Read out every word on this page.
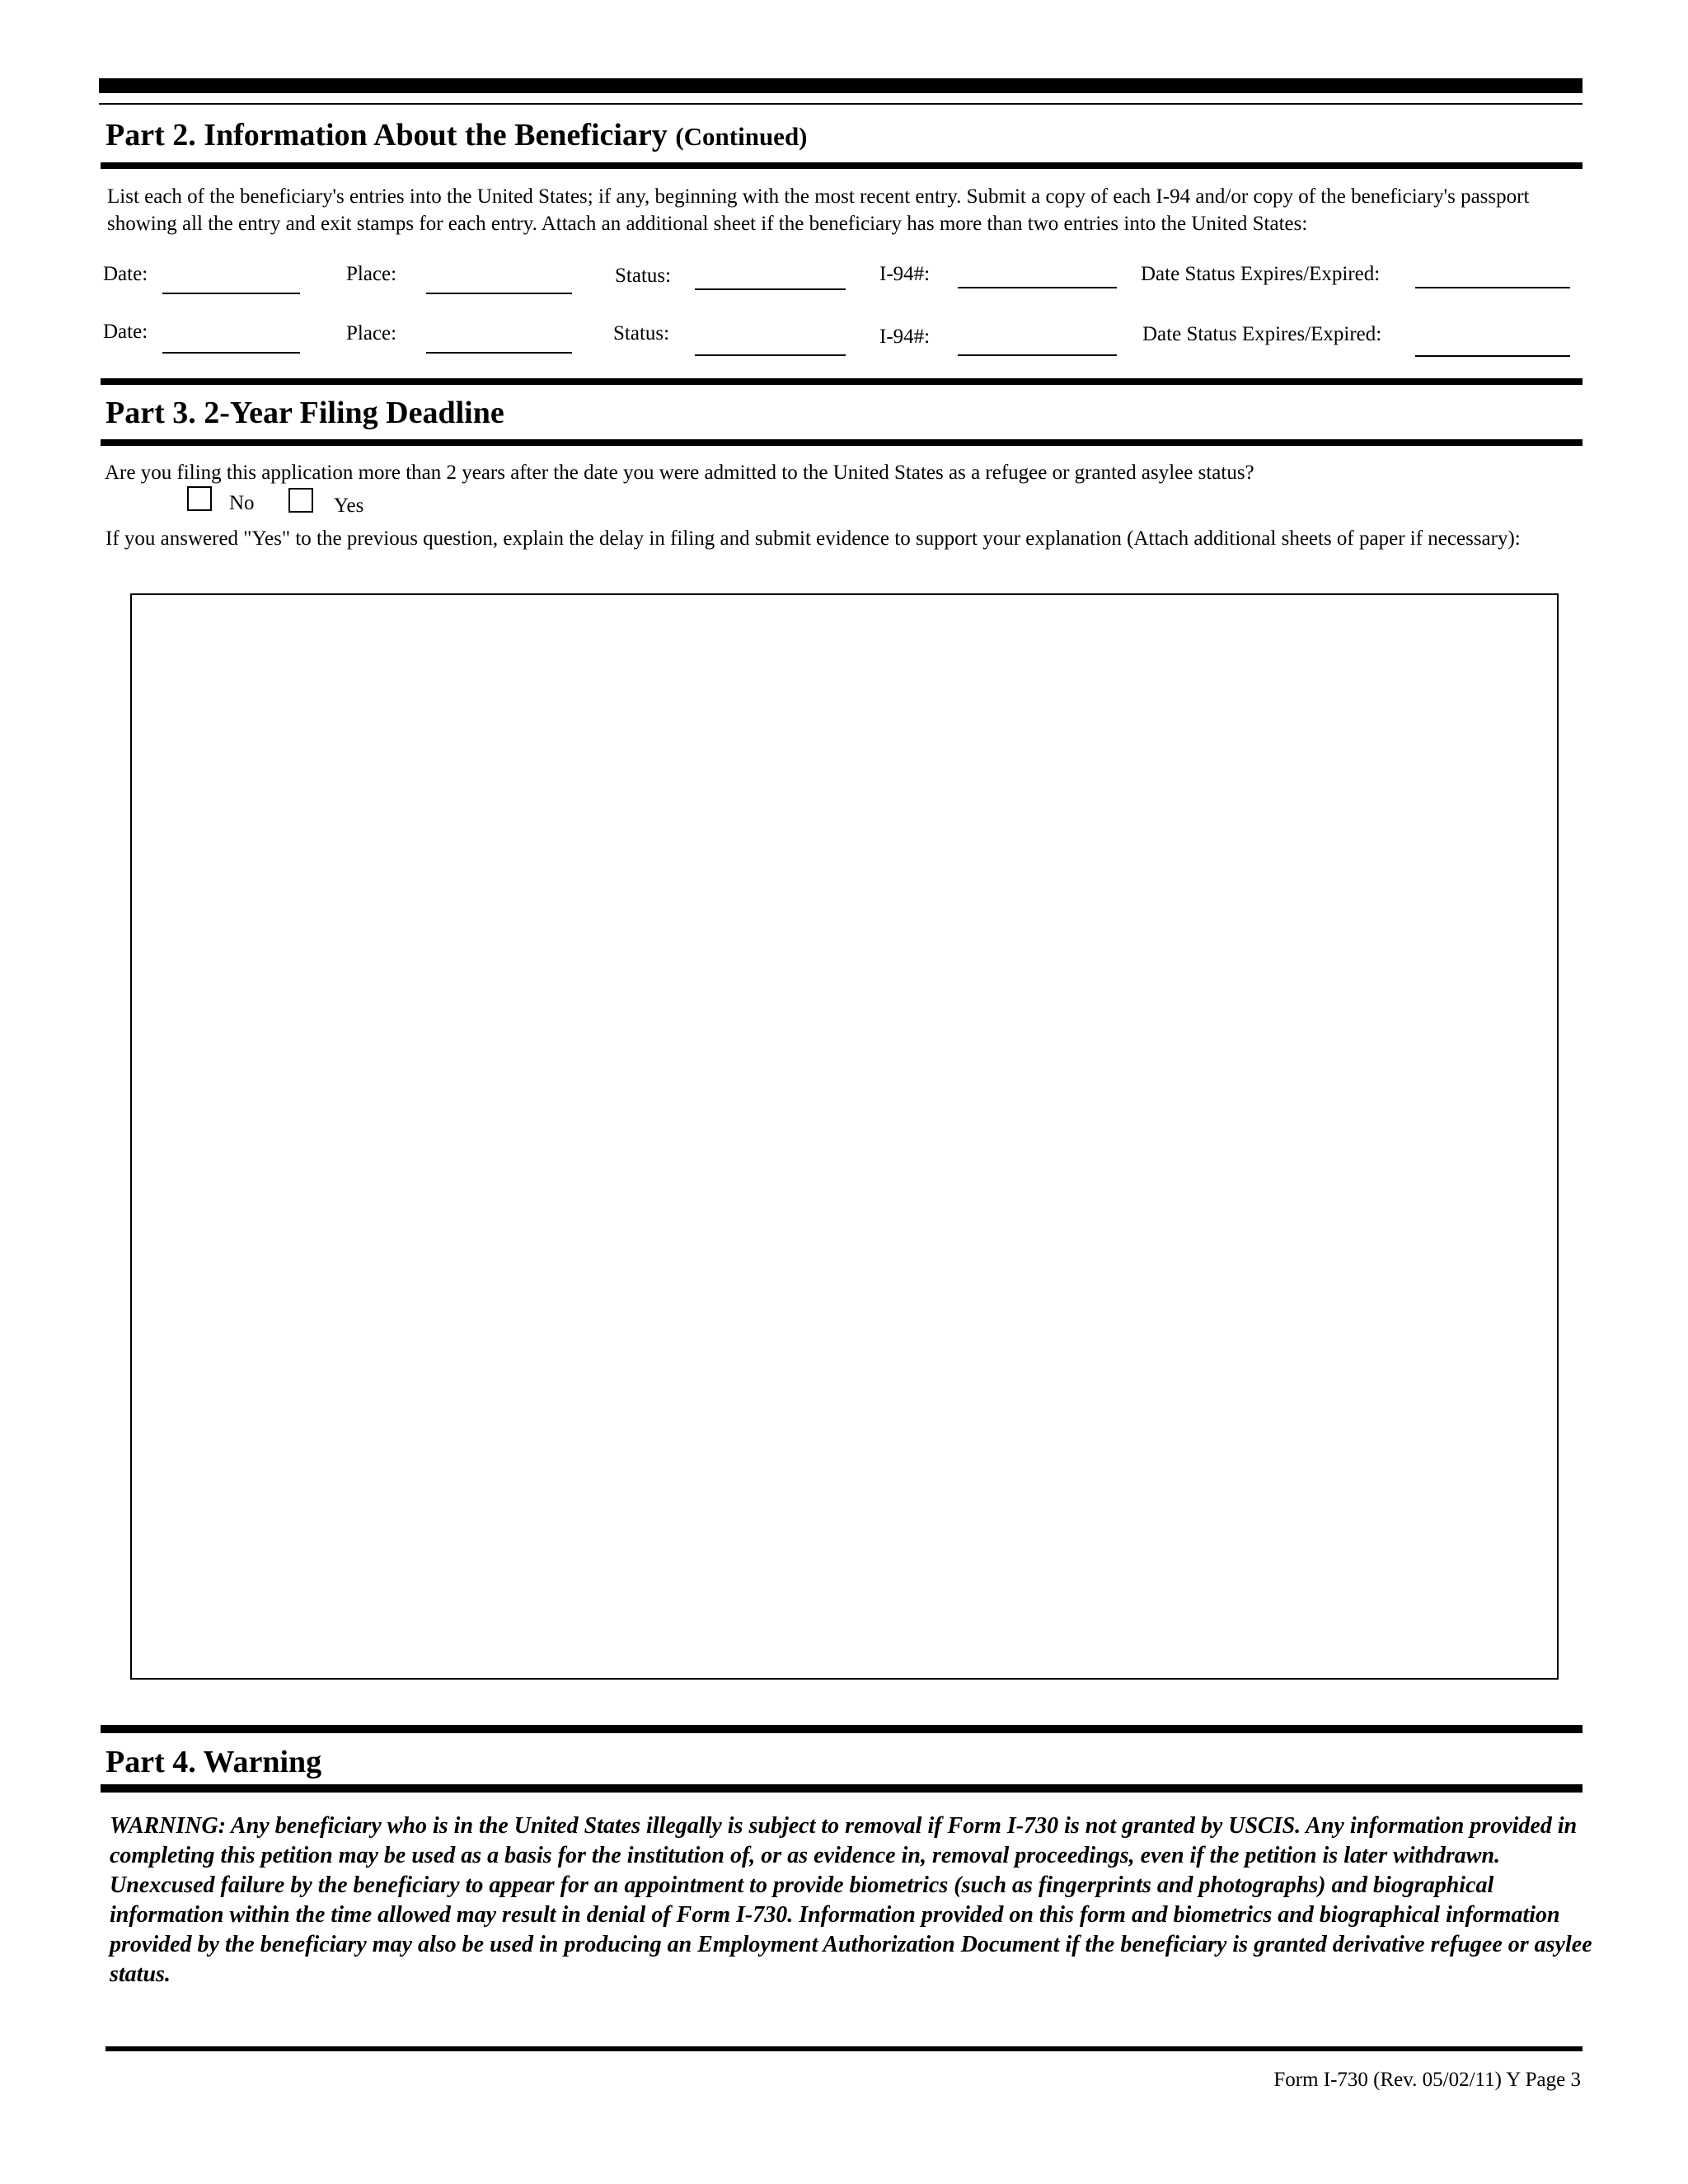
Part 2. Information About the Beneficiary (Continued)
List each of the beneficiary's entries into the United States; if any, beginning with the most recent entry. Submit a copy of each I-94 and/or copy of the beneficiary's passport showing all the entry and exit stamps for each entry. Attach an additional sheet if the beneficiary has more than two entries into the United States:
Date:	Place:	Status:	I-94#:	Date Status Expires/Expired:
Date:	Place:	Status:	I-94#:	Date Status Expires/Expired:
Part 3. 2-Year Filing Deadline
Are you filing this application more than 2 years after the date you were admitted to the United States as a refugee or granted asylee status?
No	Yes
If you answered "Yes" to the previous question, explain the delay in filing and submit evidence to support your explanation (Attach additional sheets of paper if necessary):
Part 4. Warning
WARNING: Any beneficiary who is in the United States illegally is subject to removal if Form I-730 is not granted by USCIS. Any information provided in completing this petition may be used as a basis for the institution of, or as evidence in, removal proceedings, even if the petition is later withdrawn. Unexcused failure by the beneficiary to appear for an appointment to provide biometrics (such as fingerprints and photographs) and biographical information within the time allowed may result in denial of Form I-730. Information provided on this form and biometrics and biographical information provided by the beneficiary may also be used in producing an Employment Authorization Document if the beneficiary is granted derivative refugee or asylee status.
Form I-730 (Rev. 05/02/11) Y Page 3
